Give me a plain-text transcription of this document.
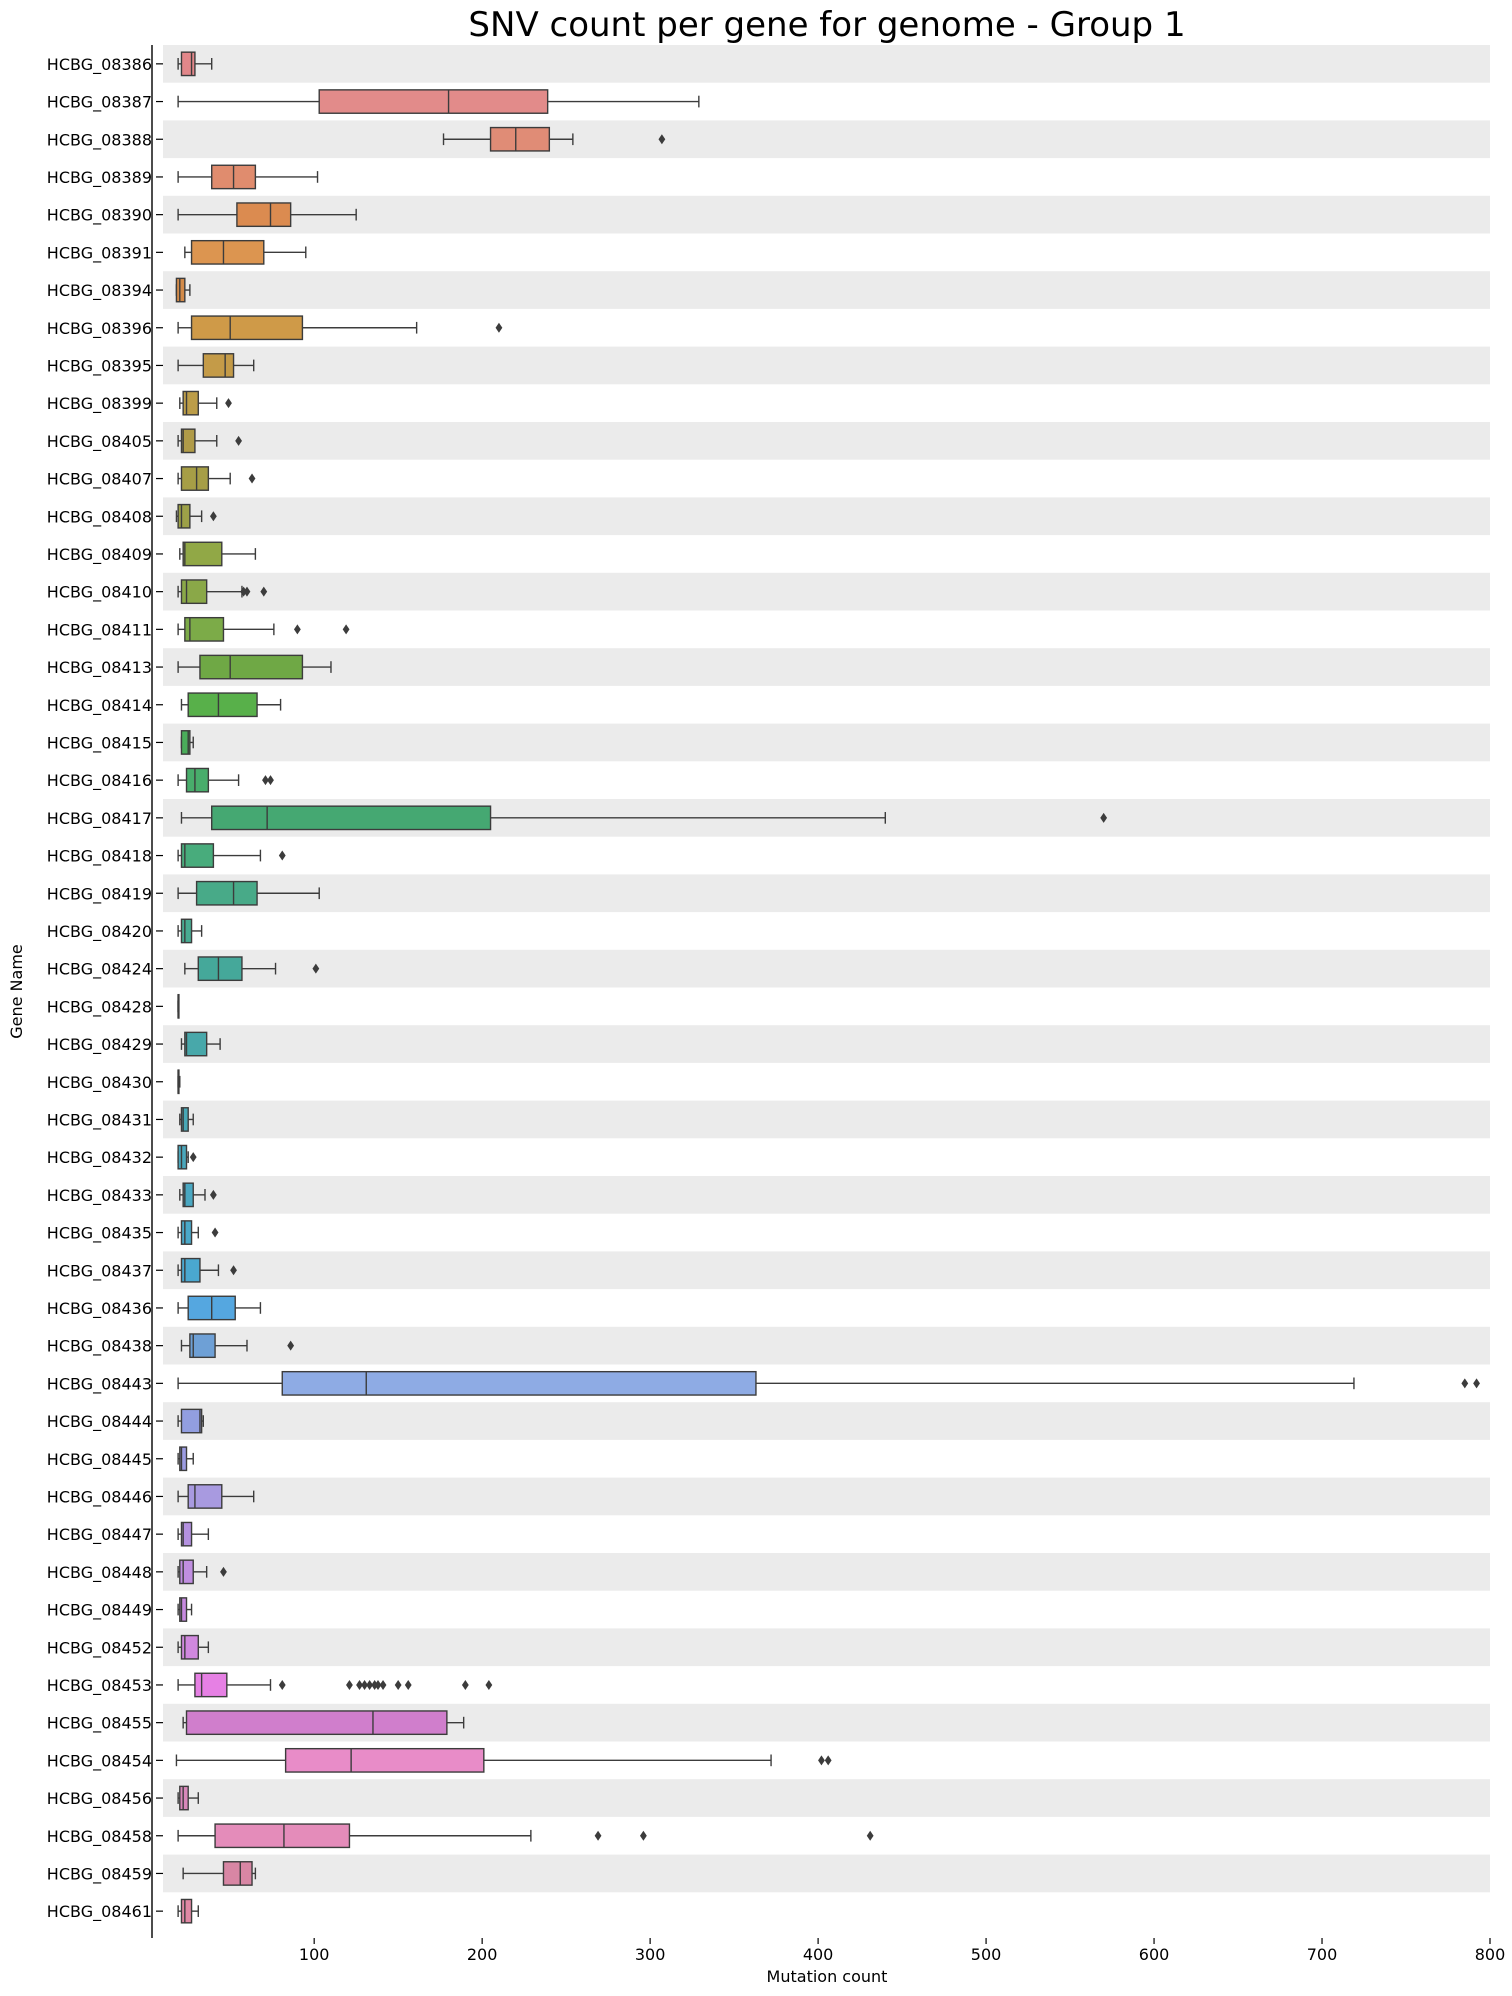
SNV count per gene for genome - Group 1
HCBG_08386
HCBG_08387
HCBG_08388
HCBG_08389
HCBG_08390
HCBG_08391
HCBG_08394
HCBG_08396
HCBG_08395
HCBG_08399
HCBG_08405
HCBG_08407
HCBG_08408
HCBG_08409
HCBG_08410
HCBG_08411
HCBG_08413
HCBG_08414
HCBG_08415
HCBG_08416
HCBG_08417
HCBG_08418
HCBG_08419
HCBG_08420
HCBG_08424
HCBG_08428
HCBG_08429
HCBG_08430
HCBG_08431
HCBG_08432
HCBG_08433
HCBG_08435
HCBG_08437
HCBG_08436
HCBG_08438
HCBG_08443
HCBG_08444
HCBG_08445
HCBG_08446
HCBG_08447
HCBG_08448
HCBG_08449
HCBG_08452
HCBG_08453
HCBG_08455
HCBG_08454
HCBG_08456
HCBG_08458
HCBG_08459
HCBG_08461
100	200	300	400	500	600	700	800
Mutation count
Gene Name
